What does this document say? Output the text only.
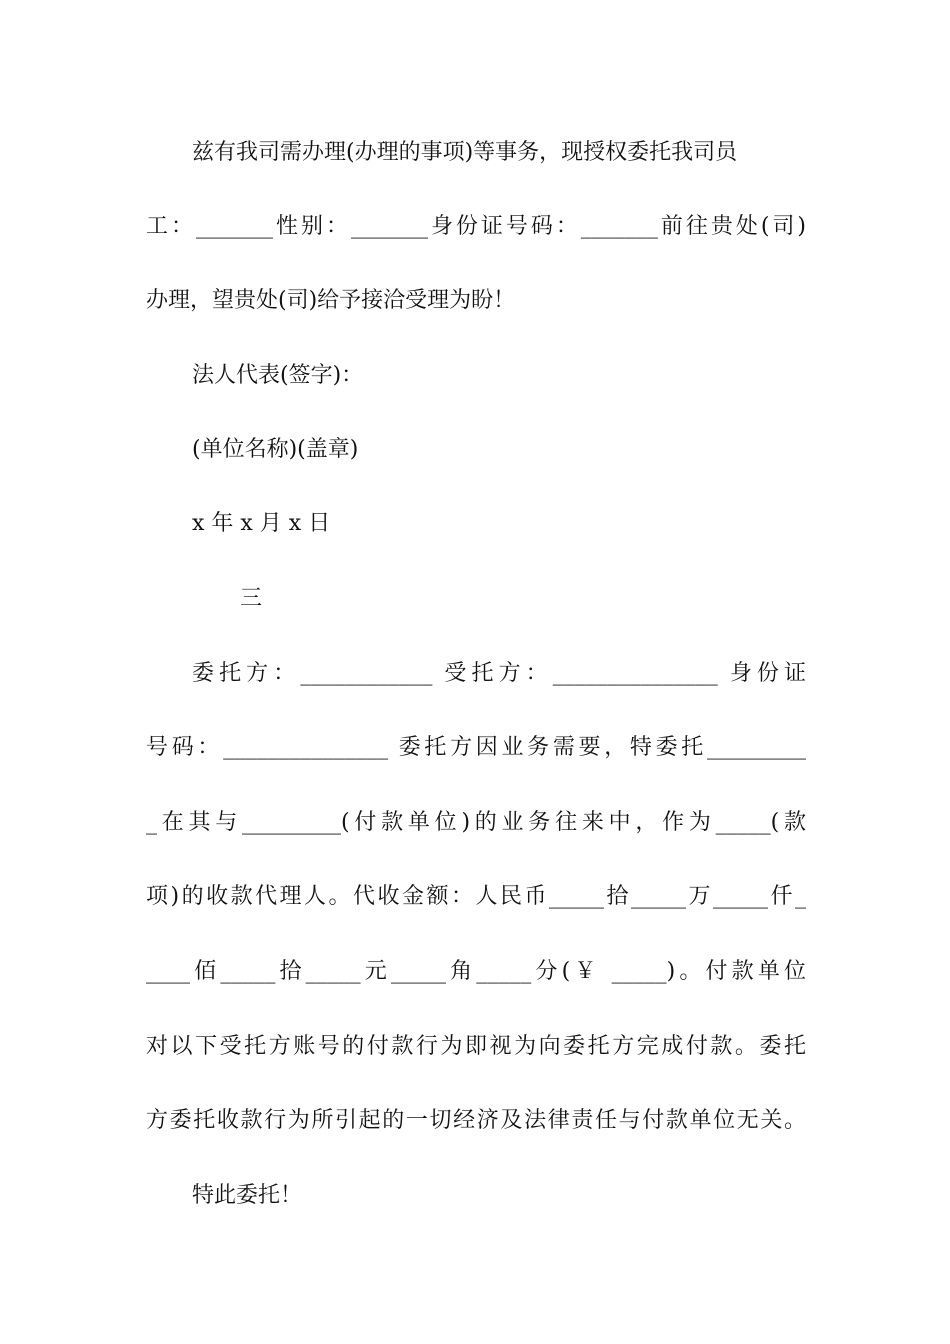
兹有我司需办理(办理的事项)等事务，现授权委托我司员
工：_______性别：_______身份证号码：_______前往贵处(司)
办理，望贵处(司)给予接洽受理为盼！
法人代表(签字)：
(单位名称)(盖章)
x 年 x 月 x 日
三
委托方：____________ 受托方：_______________ 身份证
号码：_______________ 委托方因业务需要，特委托_________
_在其与_________(付款单位)的业务往来中，作为_____(款
项)的收款代理人。代收金额：人民币_____拾_____万_____仟_
____佰_____拾_____元_____角_____分(￥ _____)。付款单位
对以下受托方账号的付款行为即视为向委托方完成付款。委托
方委托收款行为所引起的一切经济及法律责任与付款单位无关。
特此委托！
